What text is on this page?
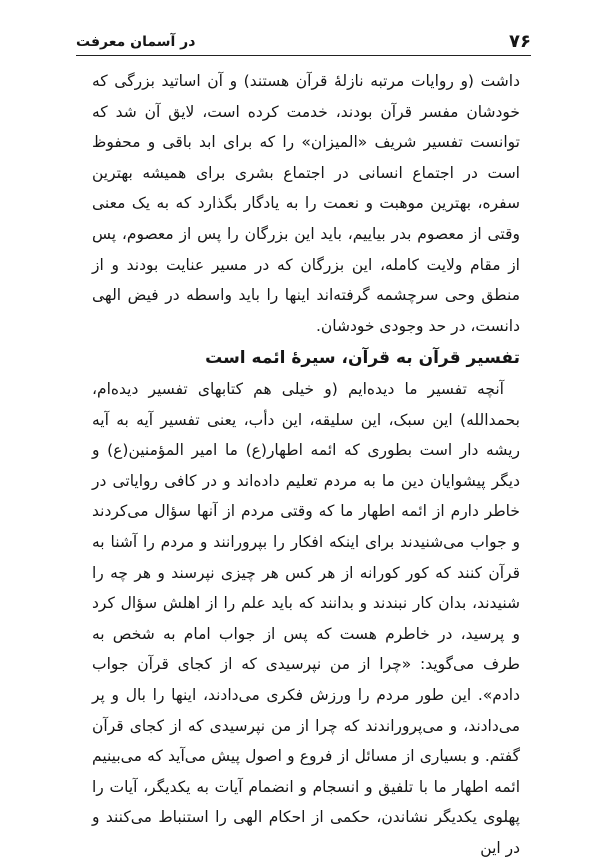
۷۶
در آسمان معرفت

داشت (و روایات مرتبه نازلۀ قرآن هستند) و آن اساتید بزرگی که خودشان مفسر قرآن بودند، خدمت کرده است، لایق آن شد که توانست تفسیر شریف «المیزان» را که برای ابد باقی و محفوظ است در اجتماع انسانی در اجتماع بشری برای همیشه بهترین سفره، بهترین موهبت و نعمت را به یادگار بگذارد که به یک معنی وقتی از معصوم بدر بیاییم، باید این بزرگان را پس از معصوم، پس از مقام ولایت کامله، این بزرگان که در مسیر عنایت بودند و از منطق وحی سرچشمه گرفته‌اند اینها را باید واسطه در فیض الهی دانست، در حد وجودی خودشان.

تفسیر قرآن به قرآن، سیرۀ ائمه است

آنچه تفسیر ما دیده‌ایم (و خیلی هم کتابهای تفسیر دیده‌ام، بحمدالله) این سبک، این سلیقه، این دأب، یعنی تفسیر آیه به آیه ریشه دار است بطوری که ائمه اطهار(ع) ما امیر المؤمنین(ع) و دیگر پیشوایان دین ما به مردم تعلیم داده‌اند و در کافی روایاتی در خاطر دارم از ائمه اطهار ما که وقتی مردم از آنها سؤال می‌کردند و جواب می‌شنیدند برای اینکه افکار را بپرورانند و مردم را آشنا به قرآن کنند که کور کورانه از هر کس هر چیزی نپرسند و هر چه را شنیدند، بدان کار نبندند و بدانند که باید علم را از اهلش سؤال کرد و پرسید، در خاطرم هست که پس از جواب امام به شخص به طرف می‌گوید: «چرا از من نپرسیدی که از کجای قرآن جواب دادم». این طور مردم را ورزش فکری می‌دادند، اینها را بال و پر می‌دادند، و می‌پروراندند که چرا از من نپرسیدی که از کجای قرآن گفتم. و بسیاری از مسائل از فروع و اصول پیش می‌آید که می‌بینیم ائمه اطهار ما با تلفیق و انسجام و انضمام آیات به یکدیگر، آیات را پهلوی یکدیگر نشاندن، حکمی از احکام الهی را استنباط می‌کنند و در این
